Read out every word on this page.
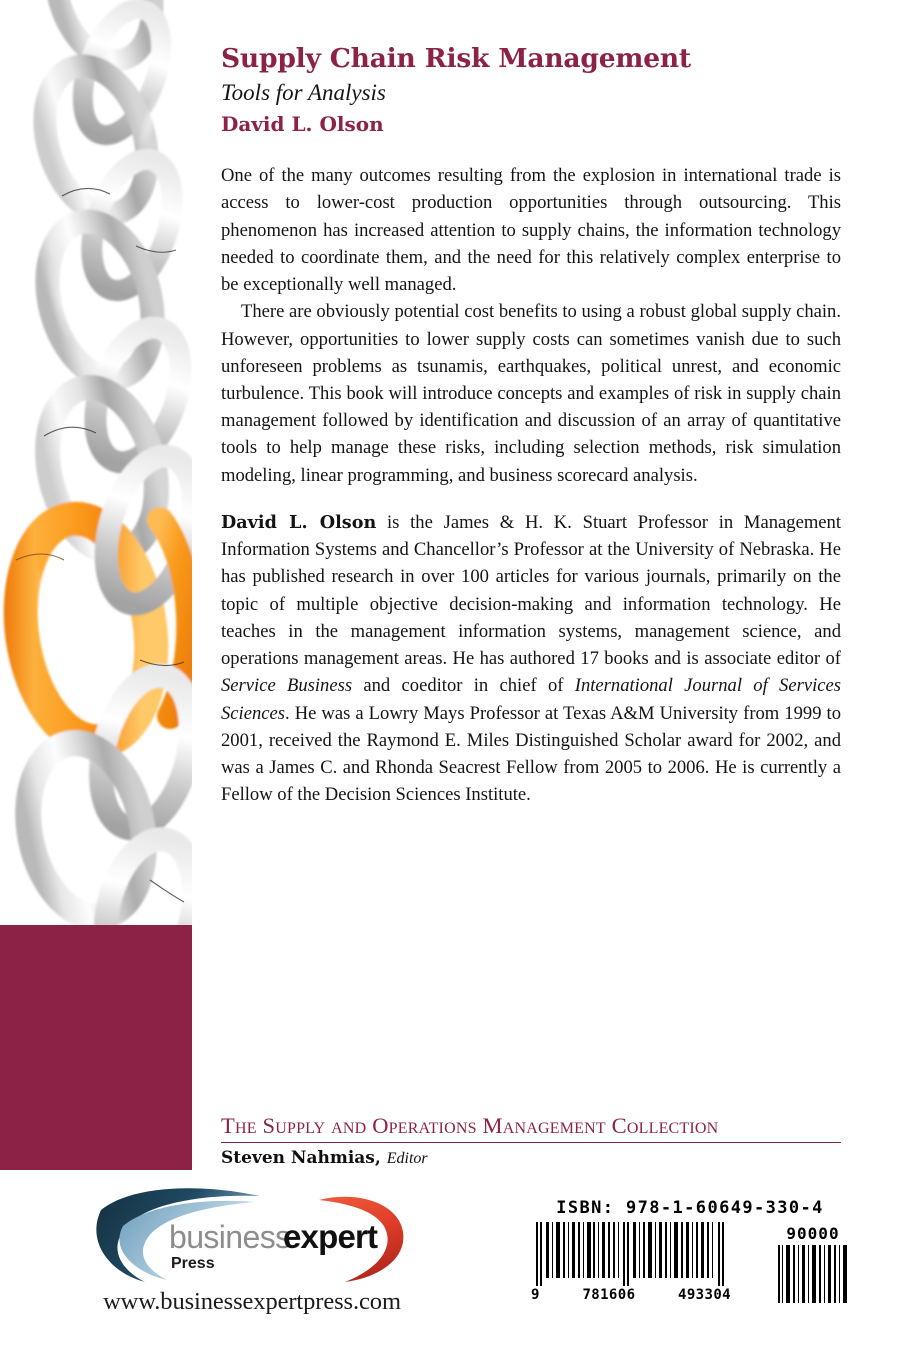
Supply Chain Risk Management
Tools for Analysis
David L. Olson

One of the many outcomes resulting from the explosion in international trade is access to lower-cost production opportunities through outsourcing. This phenomenon has increased attention to supply chains, the information technology needed to coordinate them, and the need for this relatively complex enterprise to be exceptionally well managed.

There are obviously potential cost benefits to using a robust global supply chain. However, opportunities to lower supply costs can sometimes vanish due to such unforeseen problems as tsunamis, earthquakes, political unrest, and economic turbulence. This book will introduce concepts and examples of risk in supply chain management followed by identification and discussion of an array of quantitative tools to help manage these risks, including selection methods, risk simulation modeling, linear programming, and business scorecard analysis.

David L. Olson is the James & H. K. Stuart Professor in Management Information Systems and Chancellor’s Professor at the University of Nebraska. He has published research in over 100 articles for various journals, primarily on the topic of multiple objective decision-making and information technology. He teaches in the management information systems, management science, and operations management areas. He has authored 17 books and is associate editor of Service Business and coeditor in chief of International Journal of Services Sciences. He was a Lowry Mays Professor at Texas A&M University from 1999 to 2001, received the Raymond E. Miles Distinguished Scholar award for 2002, and was a James C. and Rhonda Seacrest Fellow from 2005 to 2006. He is currently a Fellow of the Decision Sciences Institute.

The Supply and Operations Management Collection
Steven Nahmias, Editor
business
expert
Press
www.businessexpertpress.com
ISBN: 978-1-60649-330-4
9	781606	493304
90000
